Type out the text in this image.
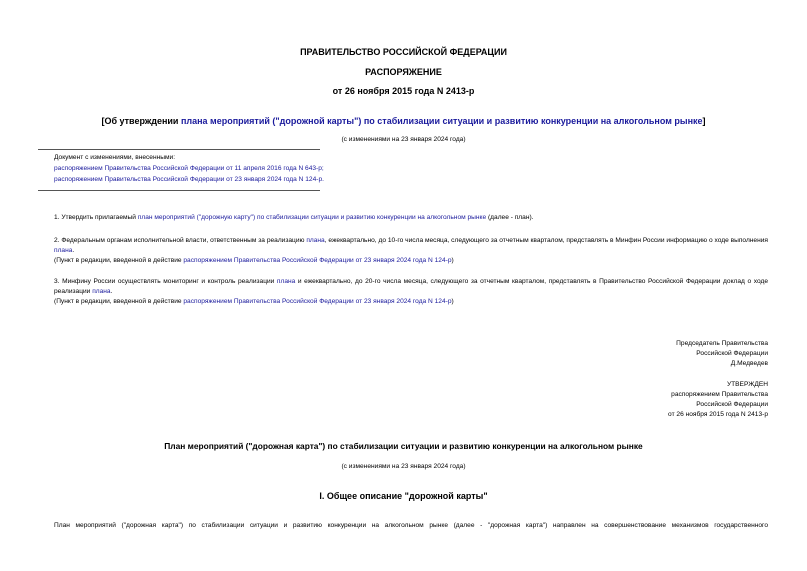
ПРАВИТЕЛЬСТВО РОССИЙСКОЙ ФЕДЕРАЦИИ
РАСПОРЯЖЕНИЕ
от 26 ноября 2015 года N 2413-р
[Об утверждении плана мероприятий ("дорожной карты") по стабилизации ситуации и развитию конкуренции на алкогольном рынке]
(с изменениями на 23 января 2024 года)
Документ с изменениями, внесенными:
распоряжением Правительства Российской Федерации от 11 апреля 2016 года N 643-р;
распоряжением Правительства Российской Федерации от 23 января 2024 года N 124-р.
1. Утвердить прилагаемый план мероприятий ("дорожную карту") по стабилизации ситуации и развитию конкуренции на алкогольном рынке (далее - план).
2. Федеральным органам исполнительной власти, ответственным за реализацию плана, ежеквартально, до 10-го числа месяца, следующего за отчетным кварталом, представлять в Минфин России информацию о ходе выполнения плана.
(Пункт в редакции, введенной в действие распоряжением Правительства Российской Федерации от 23 января 2024 года N 124-р)
3. Минфину России осуществлять мониторинг и контроль реализации плана и ежеквартально, до 20-го числа месяца, следующего за отчетным кварталом, представлять в Правительство Российской Федерации доклад о ходе реализации плана.
(Пункт в редакции, введенной в действие распоряжением Правительства Российской Федерации от 23 января 2024 года N 124-р)
Председатель Правительства
Российской Федерации
Д.Медведев
УТВЕРЖДЕН
распоряжением Правительства
Российской Федерации
от 26 ноября 2015 года N 2413-р
План мероприятий ("дорожная карта") по стабилизации ситуации и развитию конкуренции на алкогольном рынке
(с изменениями на 23 января 2024 года)
I. Общее описание "дорожной карты"
План мероприятий ("дорожная карта") по стабилизации ситуации и развитию конкуренции на алкогольном рынке (далее - "дорожная карта") направлен на совершенствование механизмов государственного
